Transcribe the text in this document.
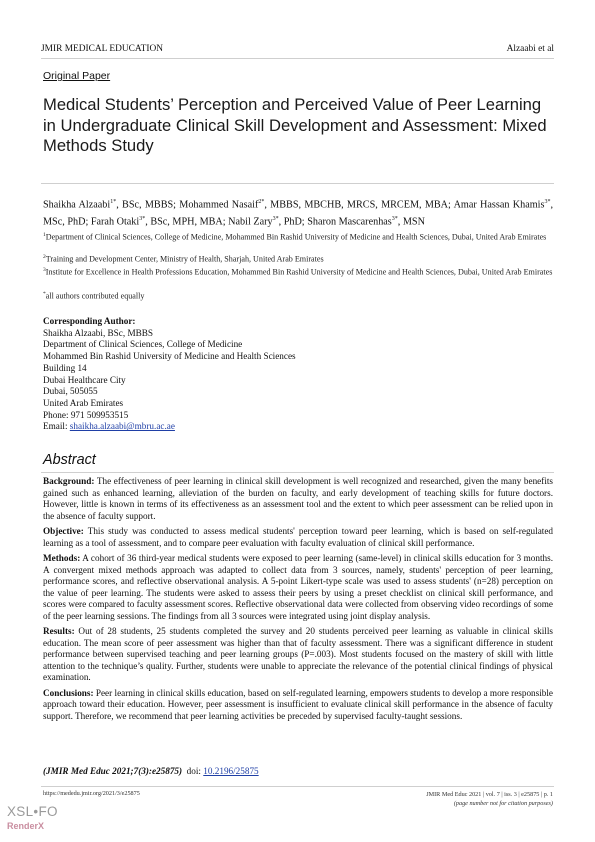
JMIR MEDICAL EDUCATION	Alzaabi et al
Original Paper
Medical Students’ Perception and Perceived Value of Peer Learning in Undergraduate Clinical Skill Development and Assessment: Mixed Methods Study
Shaikha Alzaabi$^{1*}$, BSc, MBBS; Mohammed Nasaif$^{2*}$, MBBS, MBCHB, MRCS, MRCEM, MBA; Amar Hassan Khamis$^{3*}$, MSc, PhD; Farah Otaki$^{3*}$, BSc, MPH, MBA; Nabil Zary$^{3*}$, PhD; Sharon Mascarenhas$^{3*}$, MSN
$^1$Department of Clinical Sciences, College of Medicine, Mohammed Bin Rashid University of Medicine and Health Sciences, Dubai, United Arab Emirates
$^2$Training and Development Center, Ministry of Health, Sharjah, United Arab Emirates
$^3$Institute for Excellence in Health Professions Education, Mohammed Bin Rashid University of Medicine and Health Sciences, Dubai, United Arab Emirates
*all authors contributed equally
Corresponding Author:
Shaikha Alzaabi, BSc, MBBS
Department of Clinical Sciences, College of Medicine
Mohammed Bin Rashid University of Medicine and Health Sciences
Building 14
Dubai Healthcare City
Dubai, 505055
United Arab Emirates
Phone: 971 509953515
Email: shaikha.alzaabi@mbru.ac.ae
Abstract

Background: The effectiveness of peer learning in clinical skill development is well recognized and researched, given the many benefits gained such as enhanced learning, alleviation of the burden on faculty, and early development of teaching skills for future doctors. However, little is known in terms of its effectiveness as an assessment tool and the extent to which peer assessment can be relied upon in the absence of faculty support.

Objective: This study was conducted to assess medical students' perception toward peer learning, which is based on self-regulated learning as a tool of assessment, and to compare peer evaluation with faculty evaluation of clinical skill performance.

Methods: A cohort of 36 third-year medical students were exposed to peer learning (same-level) in clinical skills education for 3 months. A convergent mixed methods approach was adapted to collect data from 3 sources, namely, students' perception of peer learning, performance scores, and reflective observational analysis. A 5-point Likert-type scale was used to assess students' (n=28) perception on the value of peer learning. The students were asked to assess their peers by using a preset checklist on clinical skill performance, and scores were compared to faculty assessment scores. Reflective observational data were collected from observing video recordings of some of the peer learning sessions. The findings from all 3 sources were integrated using joint display analysis.

Results: Out of 28 students, 25 students completed the survey and 20 students perceived peer learning as valuable in clinical skills education. The mean score of peer assessment was higher than that of faculty assessment. There was a significant difference in student performance between supervised teaching and peer learning groups (P=.003). Most students focused on the mastery of skill with little attention to the technique’s quality. Further, students were unable to appreciate the relevance of the potential clinical findings of physical examination.

Conclusions: Peer learning in clinical skills education, based on self-regulated learning, empowers students to develop a more responsible approach toward their education. However, peer assessment is insufficient to evaluate clinical skill performance in the absence of faculty support. Therefore, we recommend that peer learning activities be preceded by supervised faculty-taught sessions.

(JMIR Med Educ 2021;7(3):e25875) doi: 10.2196/25875
https://mededu.jmir.org/2021/3/e25875	JMIR Med Educ 2021 | vol. 7 | iss. 3 | e25875 | p. 1
(page number not for citation purposes)
XSL•FO
RenderX
